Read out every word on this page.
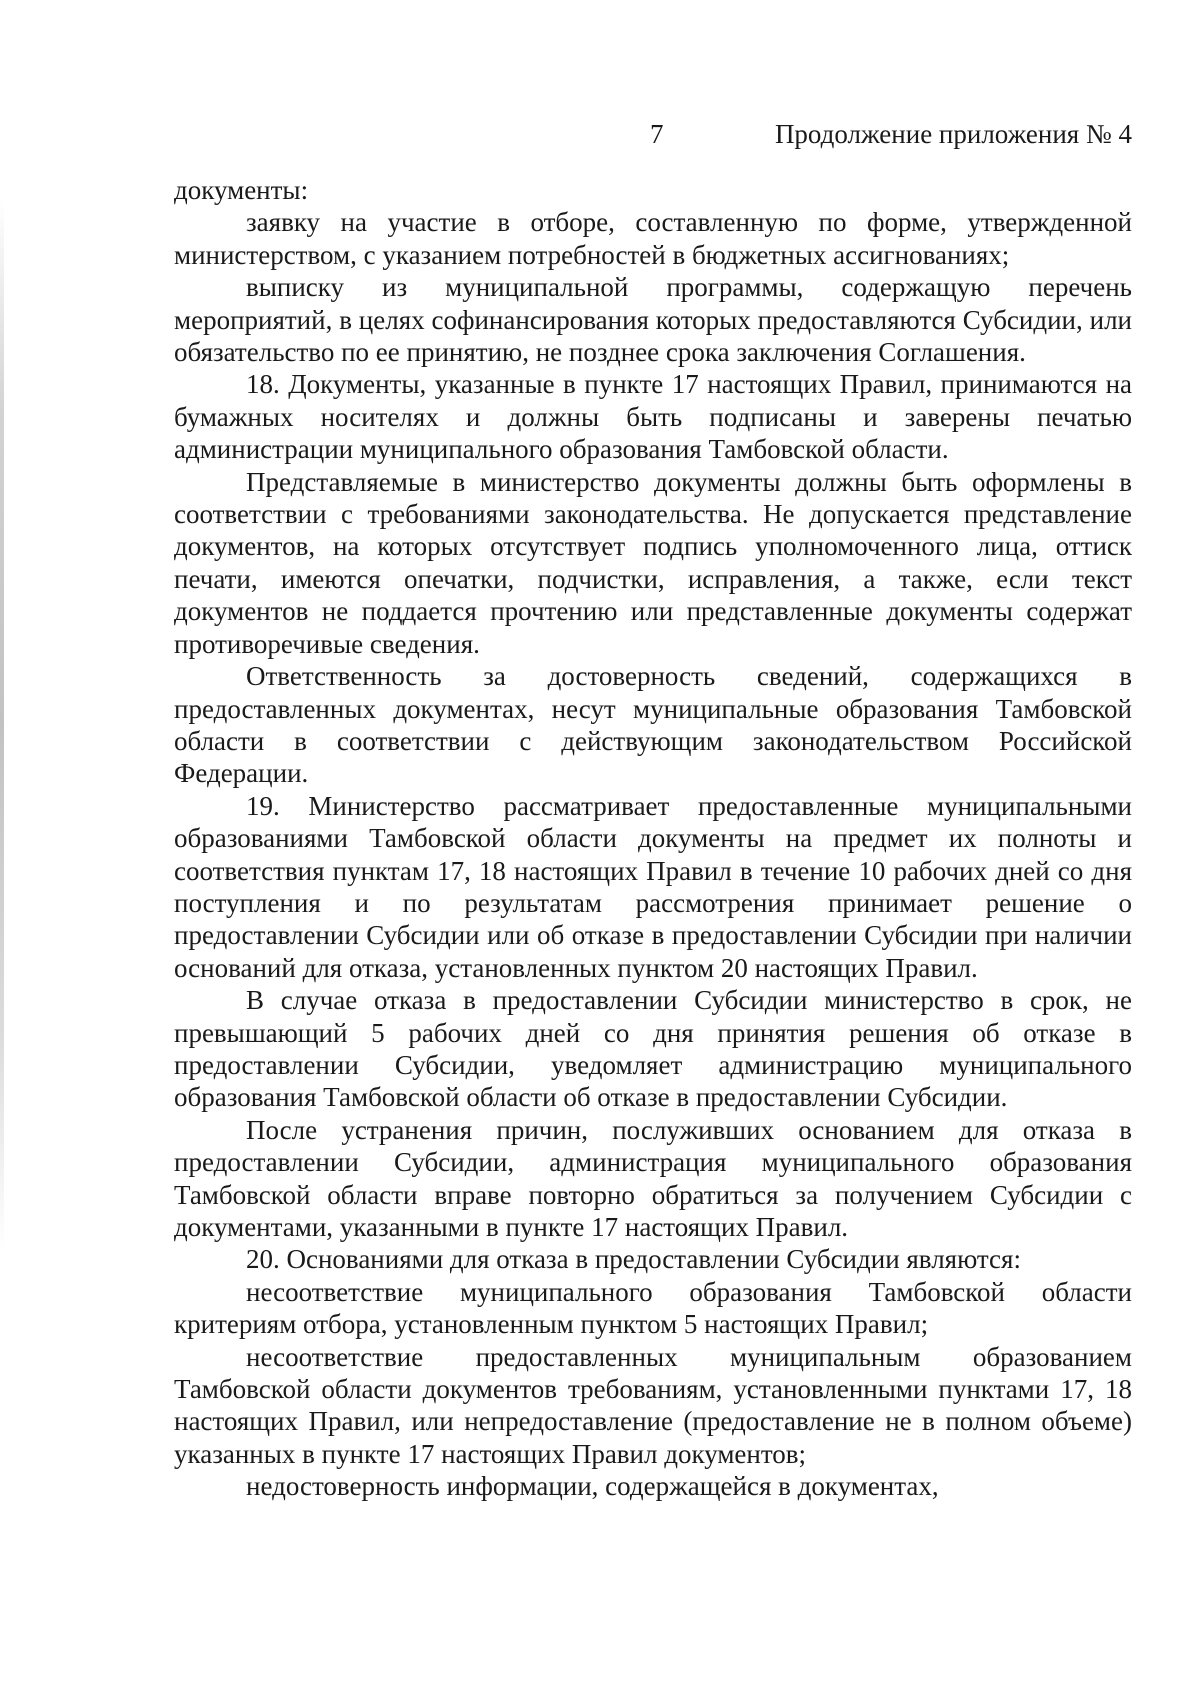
7	Продолжение приложения № 4

документы:

заявку на участие в отборе, составленную по форме, утвержденной министерством, с указанием потребностей в бюджетных ассигнованиях;

выписку из муниципальной программы, содержащую перечень мероприятий, в целях софинансирования которых предоставляются Субсидии, или обязательство по ее принятию, не позднее срока заключения Соглашения.

18. Документы, указанные в пункте 17 настоящих Правил, принимаются на бумажных носителях и должны быть подписаны и заверены печатью администрации муниципального образования Тамбовской области.

Представляемые в министерство документы должны быть оформлены в соответствии с требованиями законодательства. Не допускается представление документов, на которых отсутствует подпись уполномоченного лица, оттиск печати, имеются опечатки, подчистки, исправления, а также, если текст документов не поддается прочтению или представленные документы содержат противоречивые сведения.

Ответственность за достоверность сведений, содержащихся в предоставленных документах, несут муниципальные образования Тамбовской области в соответствии с действующим законодательством Российской Федерации.

19. Министерство рассматривает предоставленные муниципальными образованиями Тамбовской области документы на предмет их полноты и соответствия пунктам 17, 18 настоящих Правил в течение 10 рабочих дней со дня поступления и по результатам рассмотрения принимает решение о предоставлении Субсидии или об отказе в предоставлении Субсидии при наличии оснований для отказа, установленных пунктом 20 настоящих Правил.

В случае отказа в предоставлении Субсидии министерство в срок, не превышающий 5 рабочих дней со дня принятия решения об отказе в предоставлении Субсидии, уведомляет администрацию муниципального образования Тамбовской области об отказе в предоставлении Субсидии.

После устранения причин, послуживших основанием для отказа в предоставлении Субсидии, администрация муниципального образования Тамбовской области вправе повторно обратиться за получением Субсидии с документами, указанными в пункте 17 настоящих Правил.

20. Основаниями для отказа в предоставлении Субсидии являются:

несоответствие муниципального образования Тамбовской области критериям отбора, установленным пунктом 5 настоящих Правил;

несоответствие предоставленных муниципальным образованием Тамбовской области документов требованиям, установленными пунктами 17, 18 настоящих Правил, или непредоставление (предоставление не в полном объеме) указанных в пункте 17 настоящих Правил документов;

недостоверность информации, содержащейся в документах,
